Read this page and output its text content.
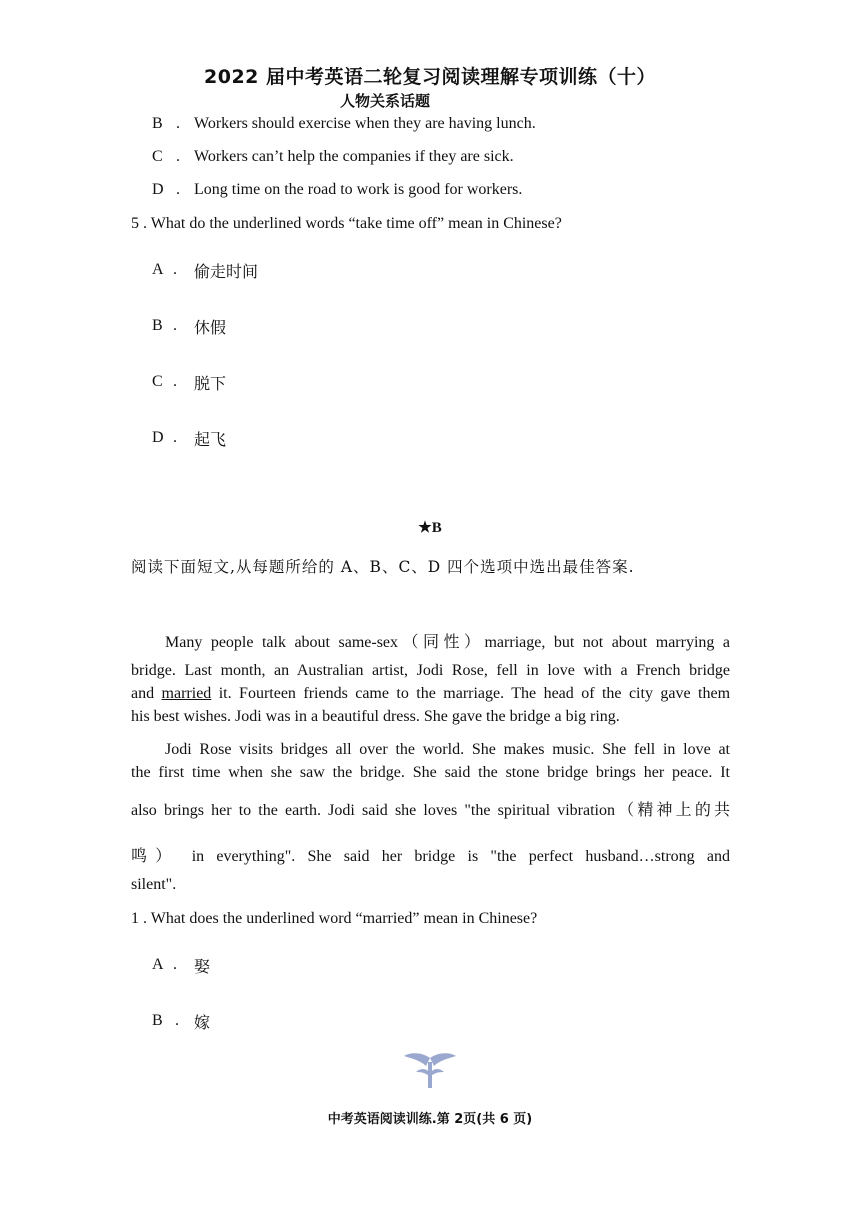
2022 届中考英语二轮复习阅读理解专项训练（十）
人物关系话题
B . Workers should exercise when they are having lunch.
C . Workers can’t help the companies if they are sick.
D . Long time on the road to work is good for workers.
5 . What do the underlined words “take time off” mean in Chinese?
A . 偷走时间
B . 休假
C . 脱下
D . 起飞
★B
阅读下面短文,从每题所给的 A、B、C、D 四个选项中选出最佳答案.
Many people talk about same-sex（同性）marriage, but not about marrying a
bridge. Last month, an Australian artist, Jodi Rose, fell in love with a French bridge
and married it. Fourteen friends came to the marriage. The head of the city gave them
his best wishes. Jodi was in a beautiful dress. She gave the bridge a big ring.
Jodi Rose visits bridges all over the world. She makes music. She fell in love at
the first time when she saw the bridge. She said the stone bridge brings her peace. It
also brings her to the earth. Jodi said she loves "the spiritual vibration（精神上的共
鸣） in everything". She said her bridge is "the perfect husband…strong and
silent".
1 . What does the underlined word “married” mean in Chinese?
A . 娶
B . 嫁
中考英语阅读训练.第 2页(共 6 页)
